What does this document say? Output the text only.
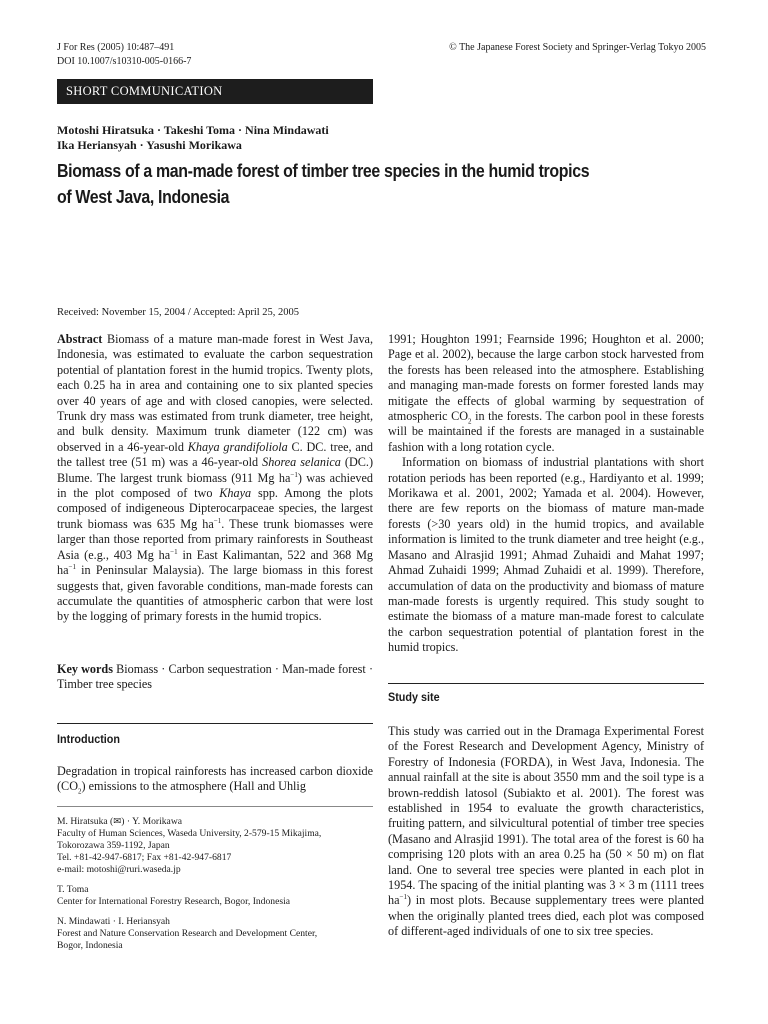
J For Res (2005) 10:487–491
DOI 10.1007/s10310-005-0166-7
© The Japanese Forest Society and Springer-Verlag Tokyo 2005
SHORT COMMUNICATION
Motoshi Hiratsuka · Takeshi Toma · Nina Mindawati
Ika Heriansyah · Yasushi Morikawa
Biomass of a man-made forest of timber tree species in the humid tropics
of West Java, Indonesia
Received: November 15, 2004 / Accepted: April 25, 2005

Abstract Biomass of a mature man-made forest in West Java, Indonesia, was estimated to evaluate the carbon sequestration potential of plantation forest in the humid tropics. Twenty plots, each 0.25 ha in area and containing one to six planted species over 40 years of age and with closed canopies, were selected. Trunk dry mass was estimated from trunk diameter, tree height, and bulk density. Maximum trunk diameter (122 cm) was observed in a 46-year-old Khaya grandifoliola C. DC. tree, and the tallest tree (51 m) was a 46-year-old Shorea selanica (DC.) Blume. The largest trunk biomass (911 Mg $ha^{-1}$) was achieved in the plot composed of two Khaya spp. Among the plots composed of indigeneous Dipterocarpaceae species, the largest trunk biomass was 635 Mg $ha^{-1}$. These trunk biomasses were larger than those reported from primary rainforests in Southeast Asia (e.g., 403 Mg $ha^{-1}$ in East Kalimantan, 522 and 368 Mg $ha^{-1}$ in Peninsular Malaysia). The large biomass in this forest suggests that, given favorable conditions, man-made forests can accumulate the quantities of atmospheric carbon that were lost by the logging of primary forests in the humid tropics.

Key words Biomass · Carbon sequestration · Man-made forest · Timber tree species

Introduction

Degradation in tropical rainforests has increased carbon dioxide $(CO_2)$ emissions to the atmosphere (Hall and Uhlig

M. Hiratsuka (✉) · Y. Morikawa
Faculty of Human Sciences, Waseda University, 2-579-15 Mikajima,
Tokorozawa 359-1192, Japan
Tel. +81-42-947-6817; Fax +81-42-947-6817
e-mail: motoshi@ruri.waseda.jp
T. Toma
Center for International Forestry Research, Bogor, Indonesia
N. Mindawati · I. Heriansyah
Forest and Nature Conservation Research and Development Center,
Bogor, Indonesia

1991; Houghton 1991; Fearnside 1996; Houghton et al. 2000; Page et al. 2002), because the large carbon stock harvested from the forests has been released into the atmosphere. Establishing and managing man-made forests on former forested lands may mitigate the effects of global warming by sequestration of atmospheric $CO_2$ in the forests. The carbon pool in these forests will be maintained if the forests are managed in a sustainable fashion with a long rotation cycle.

Information on biomass of industrial plantations with short rotation periods has been reported (e.g., Hardiyanto et al. 1999; Morikawa et al. 2001, 2002; Yamada et al. 2004). However, there are few reports on the biomass of mature man-made forests (>30 years old) in the humid tropics, and available information is limited to the trunk diameter and tree height (e.g., Masano and Alrasjid 1991; Ahmad Zuhaidi and Mahat 1997; Ahmad Zuhaidi 1999; Ahmad Zuhaidi et al. 1999). Therefore, accumulation of data on the productivity and biomass of mature man-made forests is urgently required. This study sought to estimate the biomass of a mature man-made forest to calculate the carbon sequestration potential of plantation forest in the humid tropics.

Study site

This study was carried out in the Dramaga Experimental Forest of the Forest Research and Development Agency, Ministry of Forestry of Indonesia (FORDA), in West Java, Indonesia. The annual rainfall at the site is about 3550 mm and the soil type is a brown-reddish latosol (Subiakto et al. 2001). The forest was established in 1954 to evaluate the growth characteristics, fruiting pattern, and silvicultural potential of timber tree species (Masano and Alrasjid 1991). The total area of the forest is 60 ha comprising 120 plots with an area 0.25 ha (50 × 50 m) on flat land. One to several tree species were planted in each plot in 1954. The spacing of the initial planting was 3 × 3 m (1111 trees $ha^{-1}$) in most plots. Because supplementary trees were planted when the originally planted trees died, each plot was composed of different-aged individuals of one to six tree species.
